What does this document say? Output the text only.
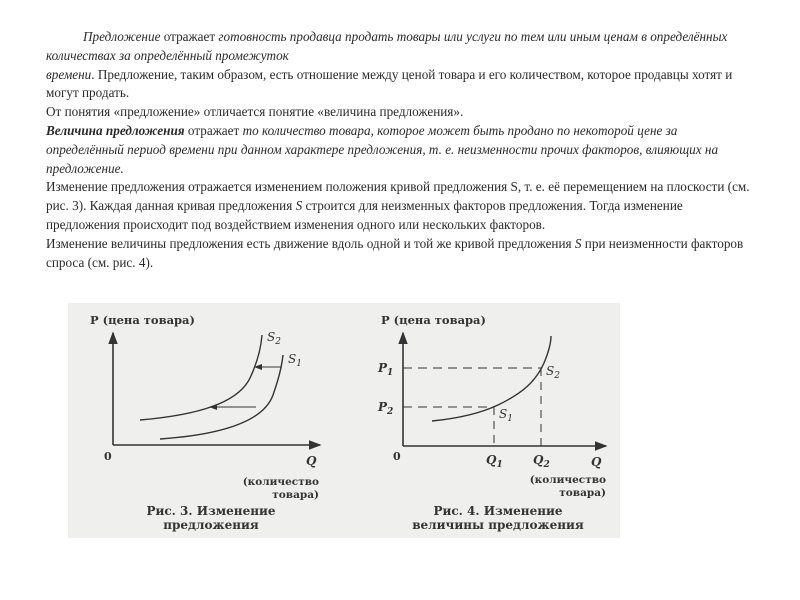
Предложение отражает готовность продавца продать товары или услуги по тем или иным ценам в определённых количествах за определённый промежуток
времени. Предложение, таким образом, есть отношение между ценой товара и его количеством, которое продавцы хотят и могут продать.

От понятия «предложение» отличается понятие «величина предложения».

Величина предложения отражает то количество товара, которое может быть продано по некоторой цене за определённый период времени при данном характере предложения, т. е. неизменности прочих факторов, влияющих на предложение.

Изменение предложения отражается изменением положения кривой предложения S, т. е. её перемещением на плоскости (см. рис. 3). Каждая данная кривая предложения S строится для неизменных факторов предложения. Тогда изменение предложения происходит под воздействием изменения одного или нескольких факторов.

Изменение величины предложения есть движение вдоль одной и той же кривой предложения S при неизменности факторов спроса (см. рис. 4).

P (цена товара)
0	Q
(количество
товара)
$S_2$
$S_1$
Рис. 3. Изменение
предложения
P (цена товара)
0	Q
(количество
товара)
$P_1$
$P_2$
$Q_1$	$Q_2$
$S_2$
$S_1$
Рис. 4. Изменение
величины предложения
